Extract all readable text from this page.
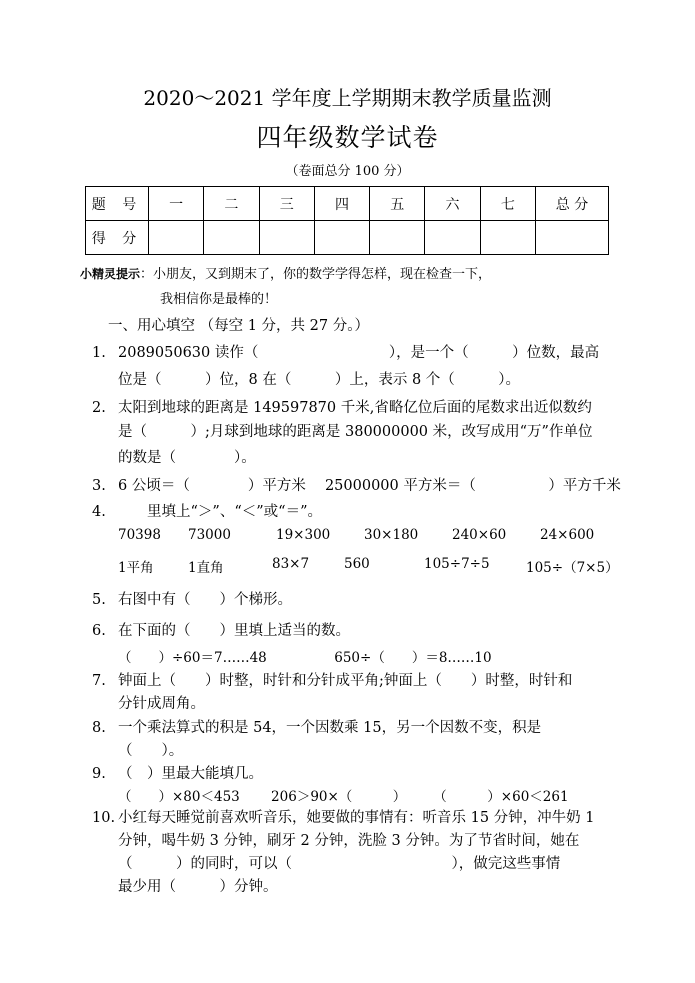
2020～2021 学年度上学期期末教学质量监测
四年级数学试卷
（卷面总分 100 分）
题 号	一	二	三	四	五	六	七	总 分
得 分								
小精灵提示：小朋友，又到期末了，你的数学学得怎样，现在检查一下，
我相信你是最棒的！
一、用心填空 （每空 1 分，共 27 分。）
1. 2089050630 读作（　　　　　　　　　），是一个（　　　）位数，最高
位是（　　　）位，8 在（　　　）上，表示 8 个（　　　）。
2. 太阳到地球的距离是 149597870 千米,省略亿位后面的尾数求出近似数约
是（　　　）;月球到地球的距离是 380000000 米，改写成用“万”作单位
的数是（　　　　）。
3. 6 公顷＝（　　　　）平方米　 25000000 平方米＝（　　　　　）平方千米
4.　　里填上“＞”、“＜”或“＝”。
70398 73000	19×300 30×180 240×60 24×600
1平角	1直角	83×7	560	105÷7÷5	105÷（7×5）
5. 右图中有（　　）个梯形。
6. 在下面的（　　）里填上适当的数。
（　　）÷60＝7……48　　　　　650÷（　　）＝8……10
7. 钟面上（　　）时整，时针和分针成平角;钟面上（　　）时整，时针和
分针成周角。
8. 一个乘法算式的积是 54，一个因数乘 15，另一个因数不变，积是
（　　）。
9. （　）里最大能填几。
（　　）×80＜453　　 206＞90×（　　　）　　　（　　　）×60＜261
10. 小红每天睡觉前喜欢听音乐，她要做的事情有：听音乐 15 分钟，冲牛奶 1
分钟，喝牛奶 3 分钟，刷牙 2 分钟，洗脸 3 分钟。为了节省时间，她在
（　　　）的同时，可以（　　　　　　　　　　　），做完这些事情
最少用（　　　）分钟。
